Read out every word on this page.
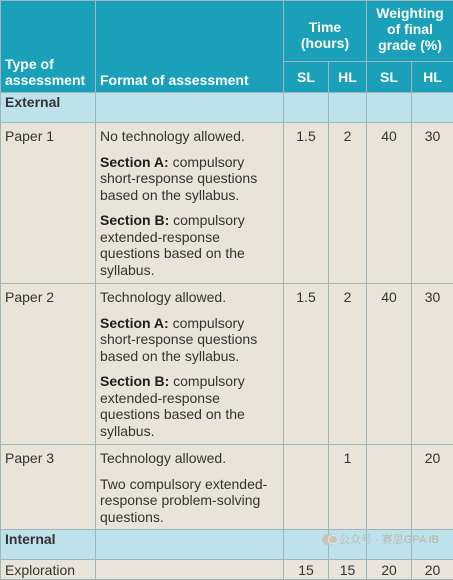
Type of assessment	Format of assessment	Time (hours)		Weighting of final grade (%)	
		SL	HL	SL	HL
External					
Paper 1	No technology allowed.

Section A: compulsory short-response questions based on the syllabus.

Section B: compulsory extended-response questions based on the syllabus.	1.5	2	40	30
Paper 2	Technology allowed.

Section A: compulsory short-response questions based on the syllabus.

Section B: compulsory extended-response questions based on the syllabus.	1.5	2	40	30
Paper 3	Technology allowed.

Two compulsory extended-response problem-solving questions.		1		20
Internal					
Exploration		15	15	20	20
公众号 · 赛思GPA IB
